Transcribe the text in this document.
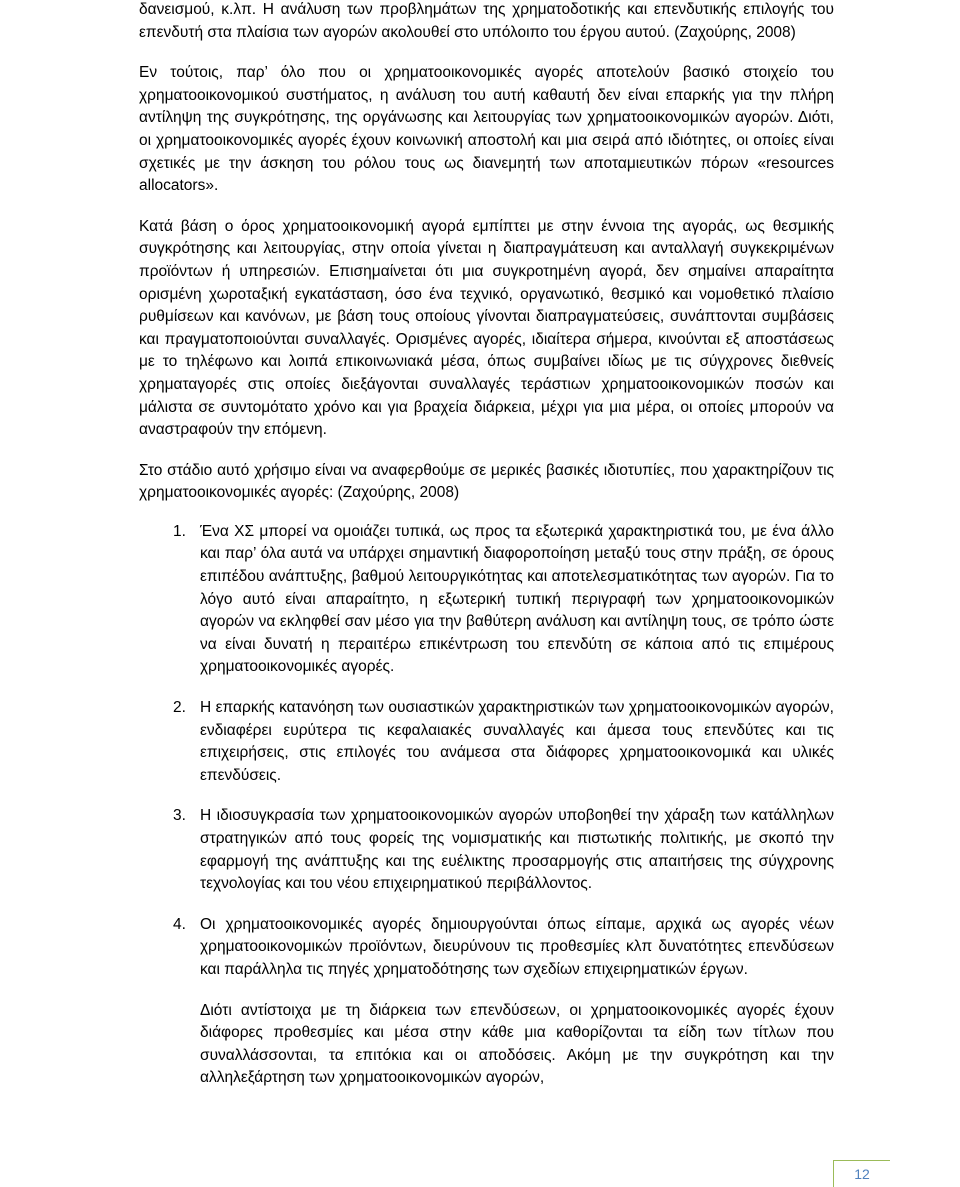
δανεισμού, κ.λπ. Η ανάλυση των προβλημάτων της χρηματοδοτικής και επενδυτικής επιλογής του επενδυτή στα πλαίσια των αγορών ακολουθεί στο υπόλοιπο του έργου αυτού. (Ζαχούρης, 2008)

Εν τούτοις, παρ’ όλο που οι χρηματοοικονομικές αγορές αποτελούν βασικό στοιχείο του χρηματοοικονομικού συστήματος, η ανάλυση του αυτή καθαυτή δεν είναι επαρκής για την πλήρη αντίληψη της συγκρότησης, της οργάνωσης και λειτουργίας των χρηματοοικονομικών αγορών. Διότι, οι χρηματοοικονομικές αγορές έχουν κοινωνική αποστολή και μια σειρά από ιδιότητες, οι οποίες είναι σχετικές με την άσκηση του ρόλου τους ως διανεμητή των αποταμιευτικών πόρων «resources allocators».

Κατά βάση ο όρος χρηματοοικονομική αγορά εμπίπτει με στην έννοια της αγοράς, ως θεσμικής συγκρότησης και λειτουργίας, στην οποία γίνεται η διαπραγμάτευση και ανταλλαγή συγκεκριμένων προϊόντων ή υπηρεσιών. Επισημαίνεται ότι μια συγκροτημένη αγορά, δεν σημαίνει απαραίτητα ορισμένη χωροταξική εγκατάσταση, όσο ένα τεχνικό, οργανωτικό, θεσμικό και νομοθετικό πλαίσιο ρυθμίσεων και κανόνων, με βάση τους οποίους γίνονται διαπραγματεύσεις, συνάπτονται συμβάσεις και πραγματοποιούνται συναλλαγές. Ορισμένες αγορές, ιδιαίτερα σήμερα, κινούνται εξ αποστάσεως με το τηλέφωνο και λοιπά επικοινωνιακά μέσα, όπως συμβαίνει ιδίως με τις σύγχρονες διεθνείς χρηματαγορές στις οποίες διεξάγονται συναλλαγές τεράστιων χρηματοοικονομικών ποσών και μάλιστα σε συντομότατο χρόνο και για βραχεία διάρκεια, μέχρι για μια μέρα, οι οποίες μπορούν να αναστραφούν την επόμενη.

Στο στάδιο αυτό χρήσιμο είναι να αναφερθούμε σε μερικές βασικές ιδιοτυπίες, που χαρακτηρίζουν τις χρηματοοικονομικές αγορές: (Ζαχούρης, 2008)

1. Ένα ΧΣ μπορεί να ομοιάζει τυπικά, ως προς τα εξωτερικά χαρακτηριστικά του, με ένα άλλο και παρ’ όλα αυτά να υπάρχει σημαντική διαφοροποίηση μεταξύ τους στην πράξη, σε όρους επιπέδου ανάπτυξης, βαθμού λειτουργικότητας και αποτελεσματικότητας των αγορών. Για το λόγο αυτό είναι απαραίτητο, η εξωτερική τυπική περιγραφή των χρηματοοικονομικών αγορών να εκληφθεί σαν μέσο για την βαθύτερη ανάλυση και αντίληψη τους, σε τρόπο ώστε να είναι δυνατή η περαιτέρω επικέντρωση του επενδύτη σε κάποια από τις επιμέρους χρηματοοικονομικές αγορές.

2. Η επαρκής κατανόηση των ουσιαστικών χαρακτηριστικών των χρηματοοικονομικών αγορών, ενδιαφέρει ευρύτερα τις κεφαλαιακές συναλλαγές και άμεσα τους επενδύτες και τις επιχειρήσεις, στις επιλογές του ανάμεσα στα διάφορες χρηματοοικονομικά και υλικές επενδύσεις.

3. Η ιδιοσυγκρασία των χρηματοοικονομικών αγορών υποβοηθεί την χάραξη των κατάλληλων στρατηγικών από τους φορείς της νομισματικής και πιστωτικής πολιτικής, με σκοπό την εφαρμογή της ανάπτυξης και της ευέλικτης προσαρμογής στις απαιτήσεις της σύγχρονης τεχνολογίας και του νέου επιχειρηματικού περιβάλλοντος.

4. Οι χρηματοοικονομικές αγορές δημιουργούνται όπως είπαμε, αρχικά ως αγορές νέων χρηματοοικονομικών προϊόντων, διευρύνουν τις προθεσμίες κλπ δυνατότητες επενδύσεων και παράλληλα τις πηγές χρηματοδότησης των σχεδίων επιχειρηματικών έργων.

Διότι αντίστοιχα με τη διάρκεια των επενδύσεων, οι χρηματοοικονομικές αγορές έχουν διάφορες προθεσμίες και μέσα στην κάθε μια καθορίζονται τα είδη των τίτλων που συναλλάσσονται, τα επιτόκια και οι αποδόσεις. Ακόμη με την συγκρότηση και την αλληλεξάρτηση των χρηματοοικονομικών αγορών,

12
